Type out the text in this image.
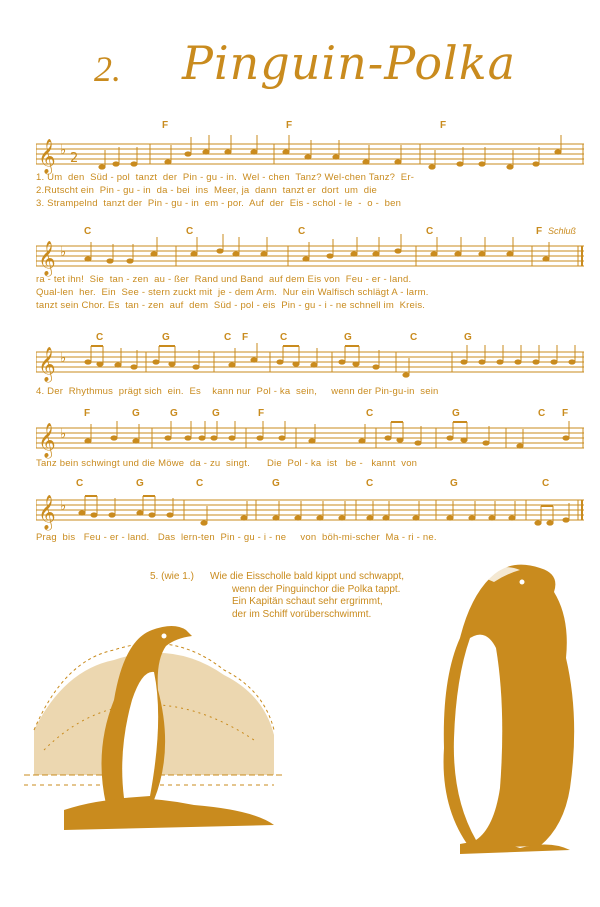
2. Pinguin-Polka
F	F	F
𝄞 ♭
2
1. Um  den  Süd - pol  tanzt  der  Pin - gu - in.  Wel - chen  Tanz? Wel-chen Tanz?  Er-
2.Rutscht ein  Pin - gu - in  da - bei  ins  Meer, ja  dann  tanzt er  dort  um  die
3. Strampelnd  tanzt der  Pin - gu - in  em - por.  Auf  der  Eis - schol - le  -  o -  ben
C	C	C	C	F Schluß
𝄞 ♭
ra - tet ihn!  Sie  tan - zen  au - ßer  Rand und Band  auf dem Eis von  Feu - er - land.
Qual-len  her.  Ein  See - stern zuckt mit  je - dem Arm.  Nur ein Walfisch schlägt A - larm.
tanzt sein Chor. Es  tan - zen  auf  dem  Süd - pol - eis  Pin - gu - i - ne schnell im  Kreis.
C	G	C F	C	G	C	G
𝄞 ♭
4. Der  Rhythmus  prägt sich  ein.  Es    kann nur  Pol - ka  sein,     wenn der Pin-gu-in  sein
F	G	G	G	F	C	G	C F
𝄞 ♭
Tanz bein schwingt und die Möwe  da - zu  singt.      Die  Pol - ka  ist   be -   kannt  von
C	G	C	G	C	G	C
𝄞 ♭
Prag  bis   Feu - er - land.   Das  lern-ten  Pin - gu - i - ne     von  böh-mi-scher  Ma - ri - ne.
5. (wie 1.) Wie die Eisscholle bald kippt und schwappt,
wenn der Pinguinchor die Polka tappt.
Ein Kapitän schaut sehr ergrimmt,
der im Schiff vorüberschwimmt.
